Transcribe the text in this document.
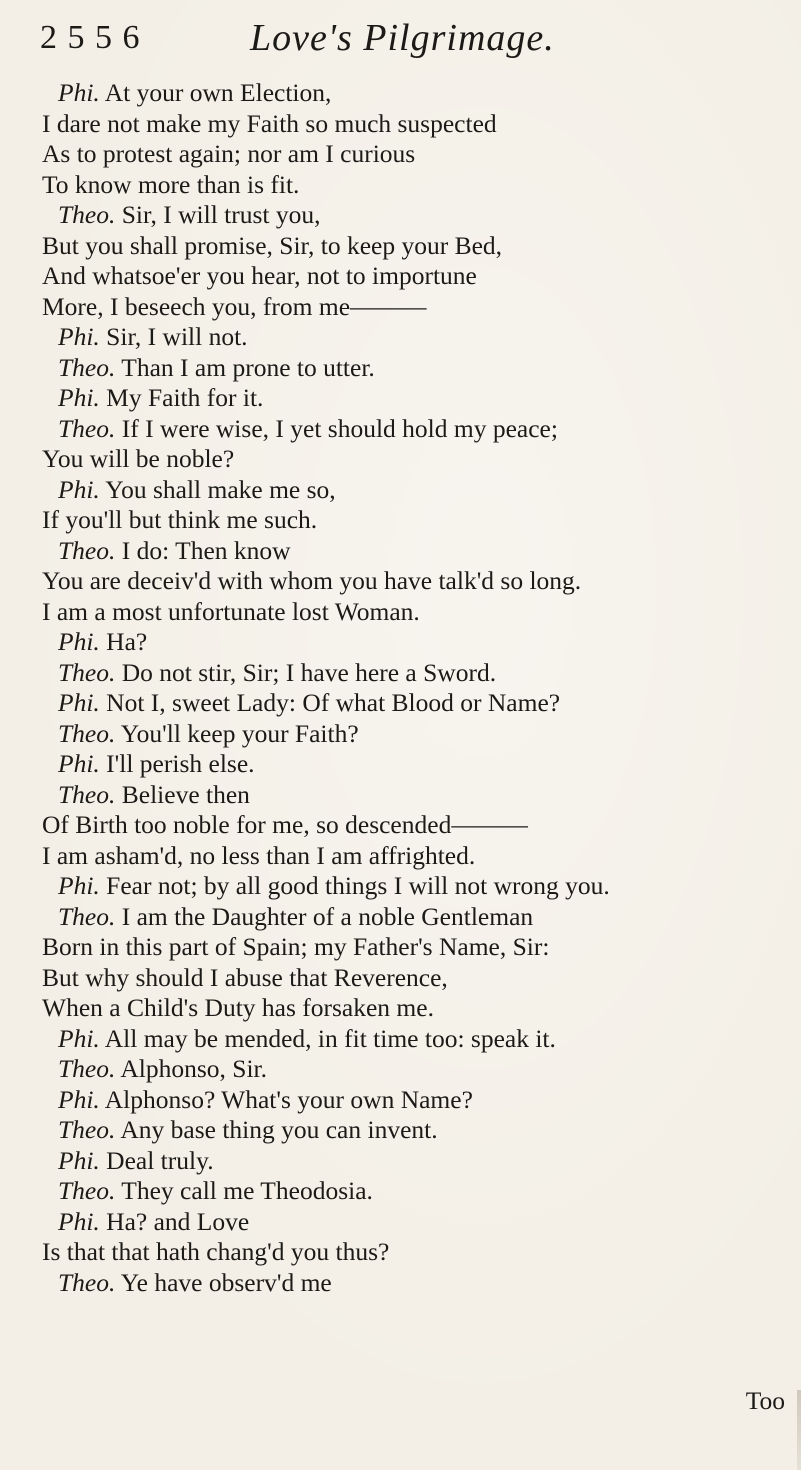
2 5 5 6	Love's Pilgrimage.
Phi. At your own Election,
I dare not make my Faith so much suspected
As to protest again; nor am I curious
To know more than is fit.
Theo. Sir, I will trust you,
But you shall promise, Sir, to keep your Bed,
And whatsoe'er you hear, not to importune
More, I beseech you, from me———
Phi. Sir, I will not.
Theo. Than I am prone to utter.
Phi. My Faith for it.
Theo. If I were wise, I yet should hold my peace;
You will be noble?
Phi. You shall make me so,
If you'll but think me such.
Theo. I do: Then know
You are deceiv'd with whom you have talk'd so long.
I am a most unfortunate lost Woman.
Phi. Ha?
Theo. Do not stir, Sir; I have here a Sword.
Phi. Not I, sweet Lady: Of what Blood or Name?
Theo. You'll keep your Faith?
Phi. I'll perish else.
Theo. Believe then
Of Birth too noble for me, so descended———
I am asham'd, no less than I am affrighted.
Phi. Fear not; by all good things I will not wrong you.
Theo. I am the Daughter of a noble Gentleman
Born in this part of Spain; my Father's Name, Sir:
But why should I abuse that Reverence,
When a Child's Duty has forsaken me.
Phi. All may be mended, in fit time too: speak it.
Theo. Alphonso, Sir.
Phi. Alphonso? What's your own Name?
Theo. Any base thing you can invent.
Phi. Deal truly.
Theo. They call me Theodosia.
Phi. Ha? and Love
Is that that hath chang'd you thus?
Theo. Ye have observ'd me
Too
